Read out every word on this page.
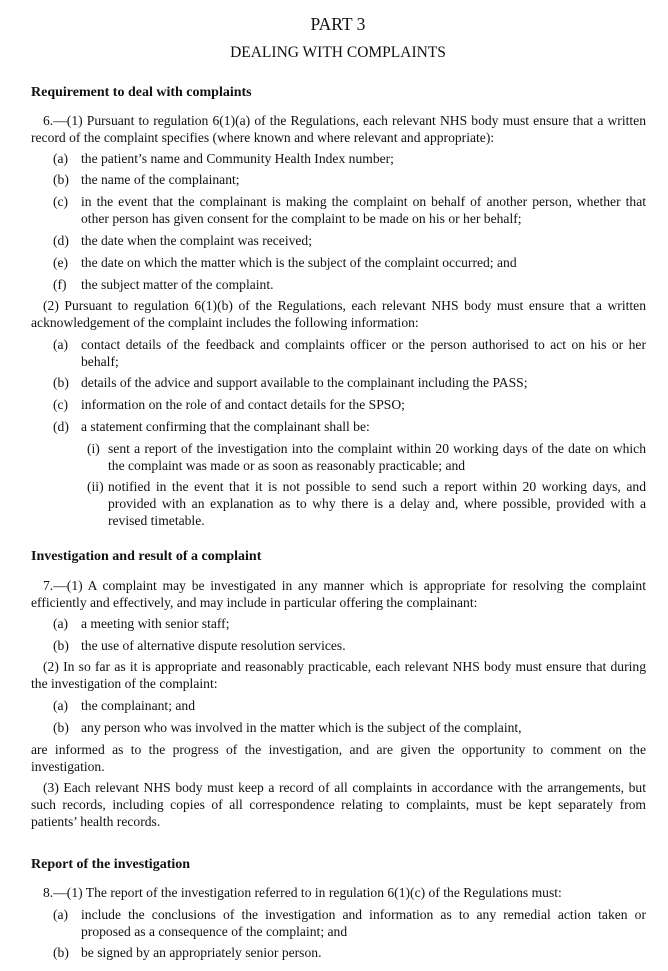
PART 3
DEALING WITH COMPLAINTS
Requirement to deal with complaints
6.—(1) Pursuant to regulation 6(1)(a) of the Regulations, each relevant NHS body must ensure that a written record of the complaint specifies (where known and where relevant and appropriate):
(a) the patient’s name and Community Health Index number;
(b) the name of the complainant;
(c) in the event that the complainant is making the complaint on behalf of another person, whether that other person has given consent for the complaint to be made on his or her behalf;
(d) the date when the complaint was received;
(e) the date on which the matter which is the subject of the complaint occurred; and
(f) the subject matter of the complaint.
(2) Pursuant to regulation 6(1)(b) of the Regulations, each relevant NHS body must ensure that a written acknowledgement of the complaint includes the following information:
(a) contact details of the feedback and complaints officer or the person authorised to act on his or her behalf;
(b) details of the advice and support available to the complainant including the PASS;
(c) information on the role of and contact details for the SPSO;
(d) a statement confirming that the complainant shall be:
(i) sent a report of the investigation into the complaint within 20 working days of the date on which the complaint was made or as soon as reasonably practicable; and
(ii) notified in the event that it is not possible to send such a report within 20 working days, and provided with an explanation as to why there is a delay and, where possible, provided with a revised timetable.
Investigation and result of a complaint
7.—(1) A complaint may be investigated in any manner which is appropriate for resolving the complaint efficiently and effectively, and may include in particular offering the complainant:
(a) a meeting with senior staff;
(b) the use of alternative dispute resolution services.
(2) In so far as it is appropriate and reasonably practicable, each relevant NHS body must ensure that during the investigation of the complaint:
(a) the complainant; and
(b) any person who was involved in the matter which is the subject of the complaint,
are informed as to the progress of the investigation, and are given the opportunity to comment on the investigation.
(3) Each relevant NHS body must keep a record of all complaints in accordance with the arrangements, but such records, including copies of all correspondence relating to complaints, must be kept separately from patients’ health records.
Report of the investigation
8.—(1) The report of the investigation referred to in regulation 6(1)(c) of the Regulations must:
(a) include the conclusions of the investigation and information as to any remedial action taken or proposed as a consequence of the complaint; and
(b) be signed by an appropriately senior person.
